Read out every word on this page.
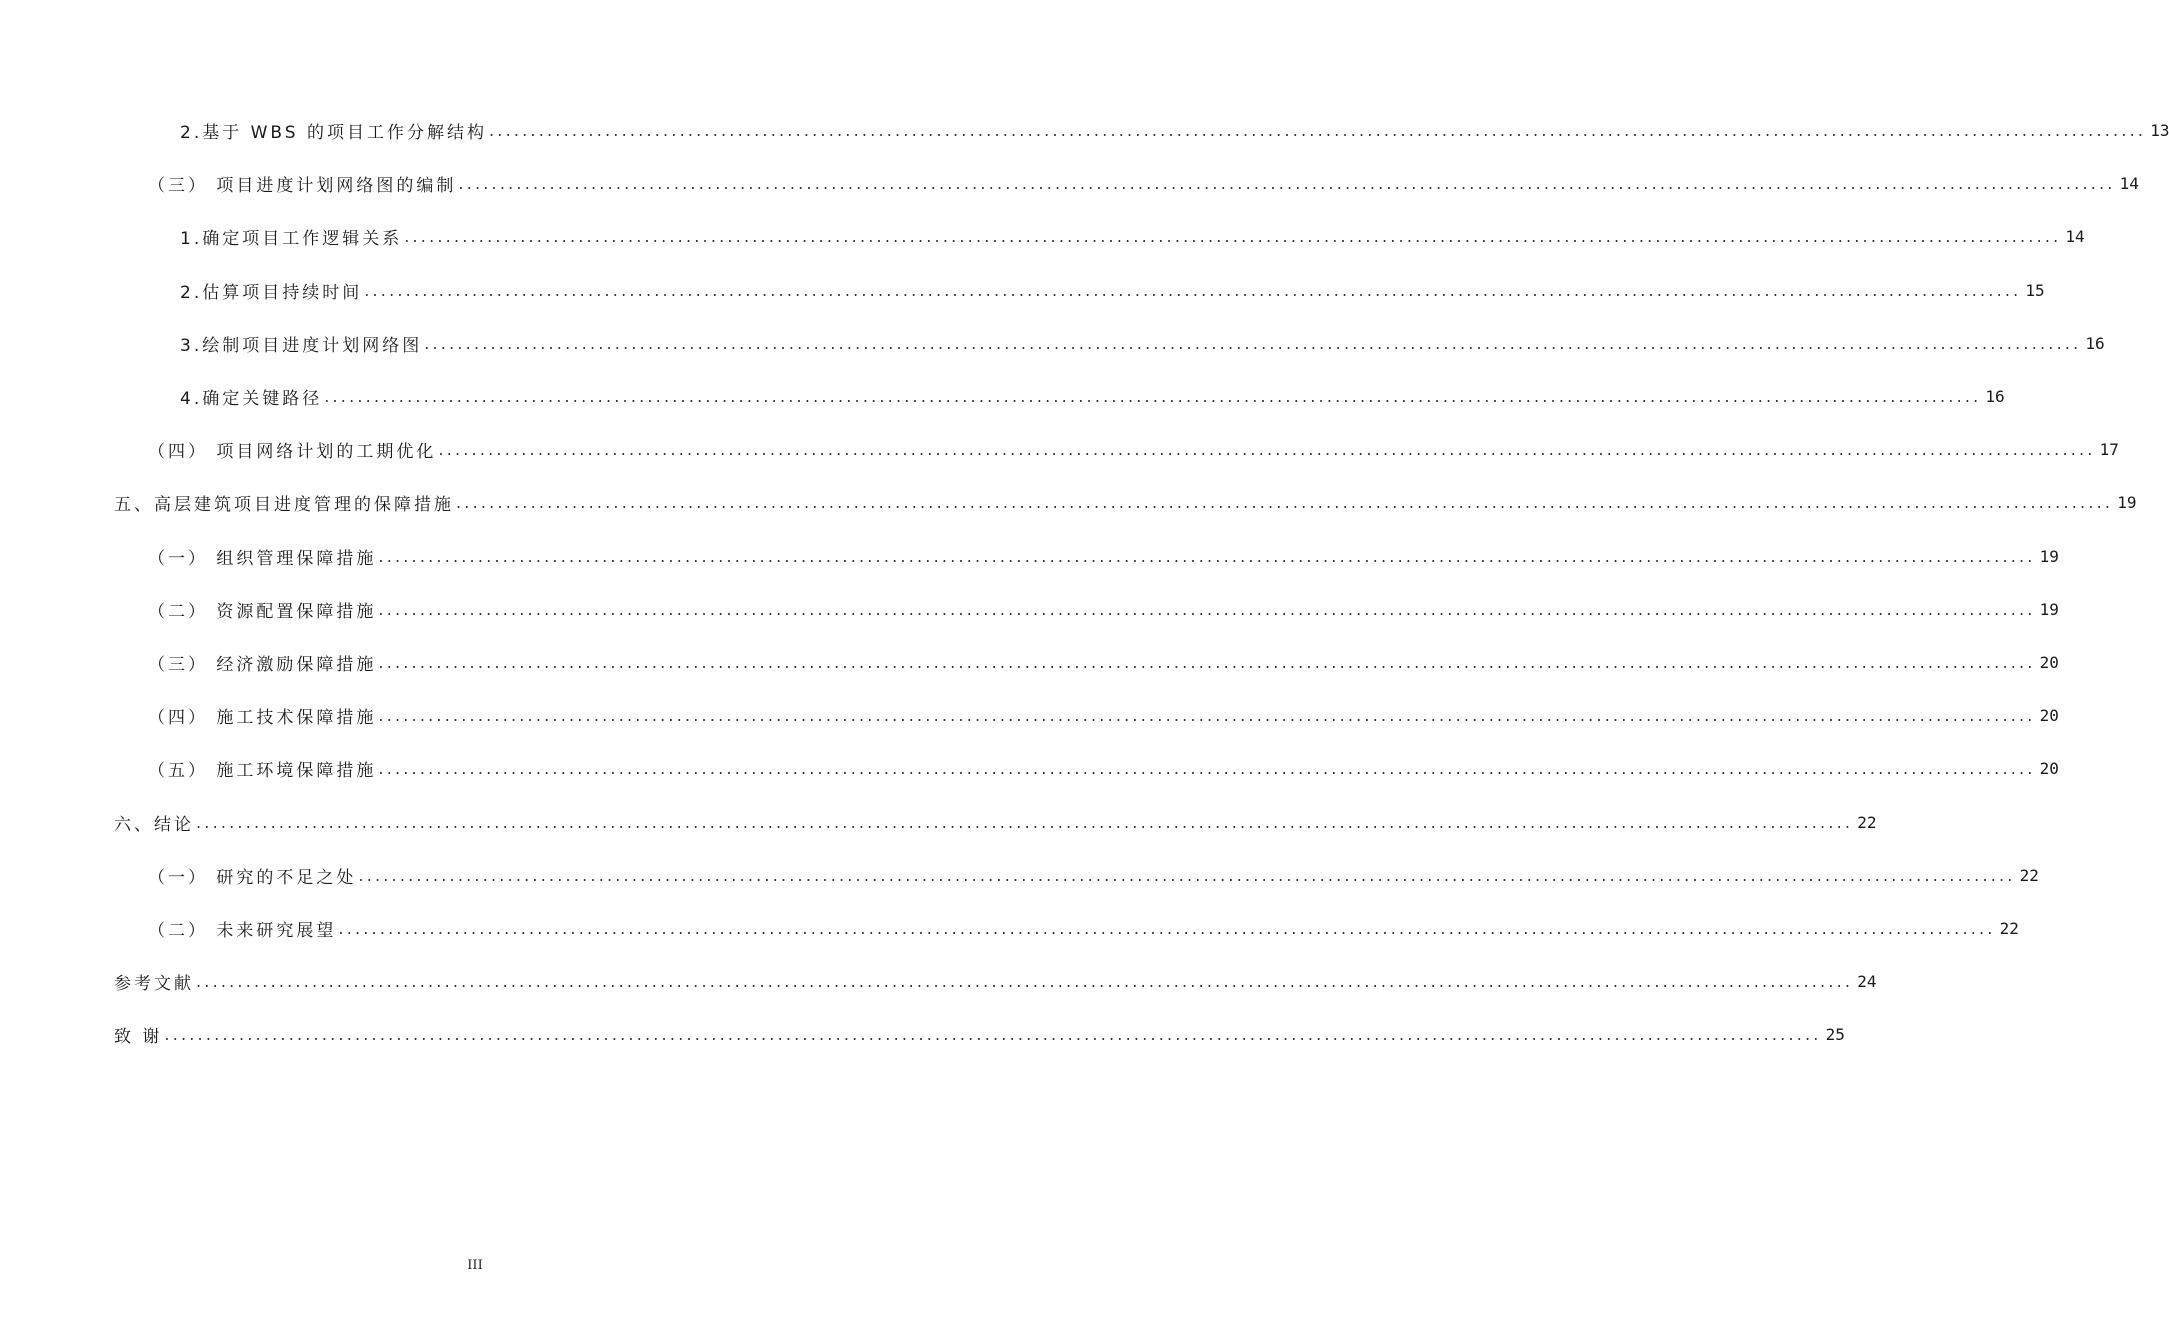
2.基于 WBS 的项目工作分解结构 ........................................................................................................................................................................................................ 13
（三） 项目进度计划网络图的编制 ........................................................................................................................................................................................................ 14
1.确定项目工作逻辑关系 ........................................................................................................................................................................................................ 14
2.估算项目持续时间 ........................................................................................................................................................................................................ 15
3.绘制项目进度计划网络图 ........................................................................................................................................................................................................ 16
4.确定关键路径 ........................................................................................................................................................................................................ 16
（四） 项目网络计划的工期优化 ........................................................................................................................................................................................................ 17
五、高层建筑项目进度管理的保障措施 ........................................................................................................................................................................................................ 19
（一） 组织管理保障措施 ........................................................................................................................................................................................................ 19
（二） 资源配置保障措施 ........................................................................................................................................................................................................ 19
（三） 经济激励保障措施 ........................................................................................................................................................................................................ 20
（四） 施工技术保障措施 ........................................................................................................................................................................................................ 20
（五） 施工环境保障措施 ........................................................................................................................................................................................................ 20
六、结论 ........................................................................................................................................................................................................ 22
（一） 研究的不足之处 ........................................................................................................................................................................................................ 22
（二） 未来研究展望 ........................................................................................................................................................................................................ 22
参考文献 ........................................................................................................................................................................................................ 24
致 谢 ........................................................................................................................................................................................................ 25
III
